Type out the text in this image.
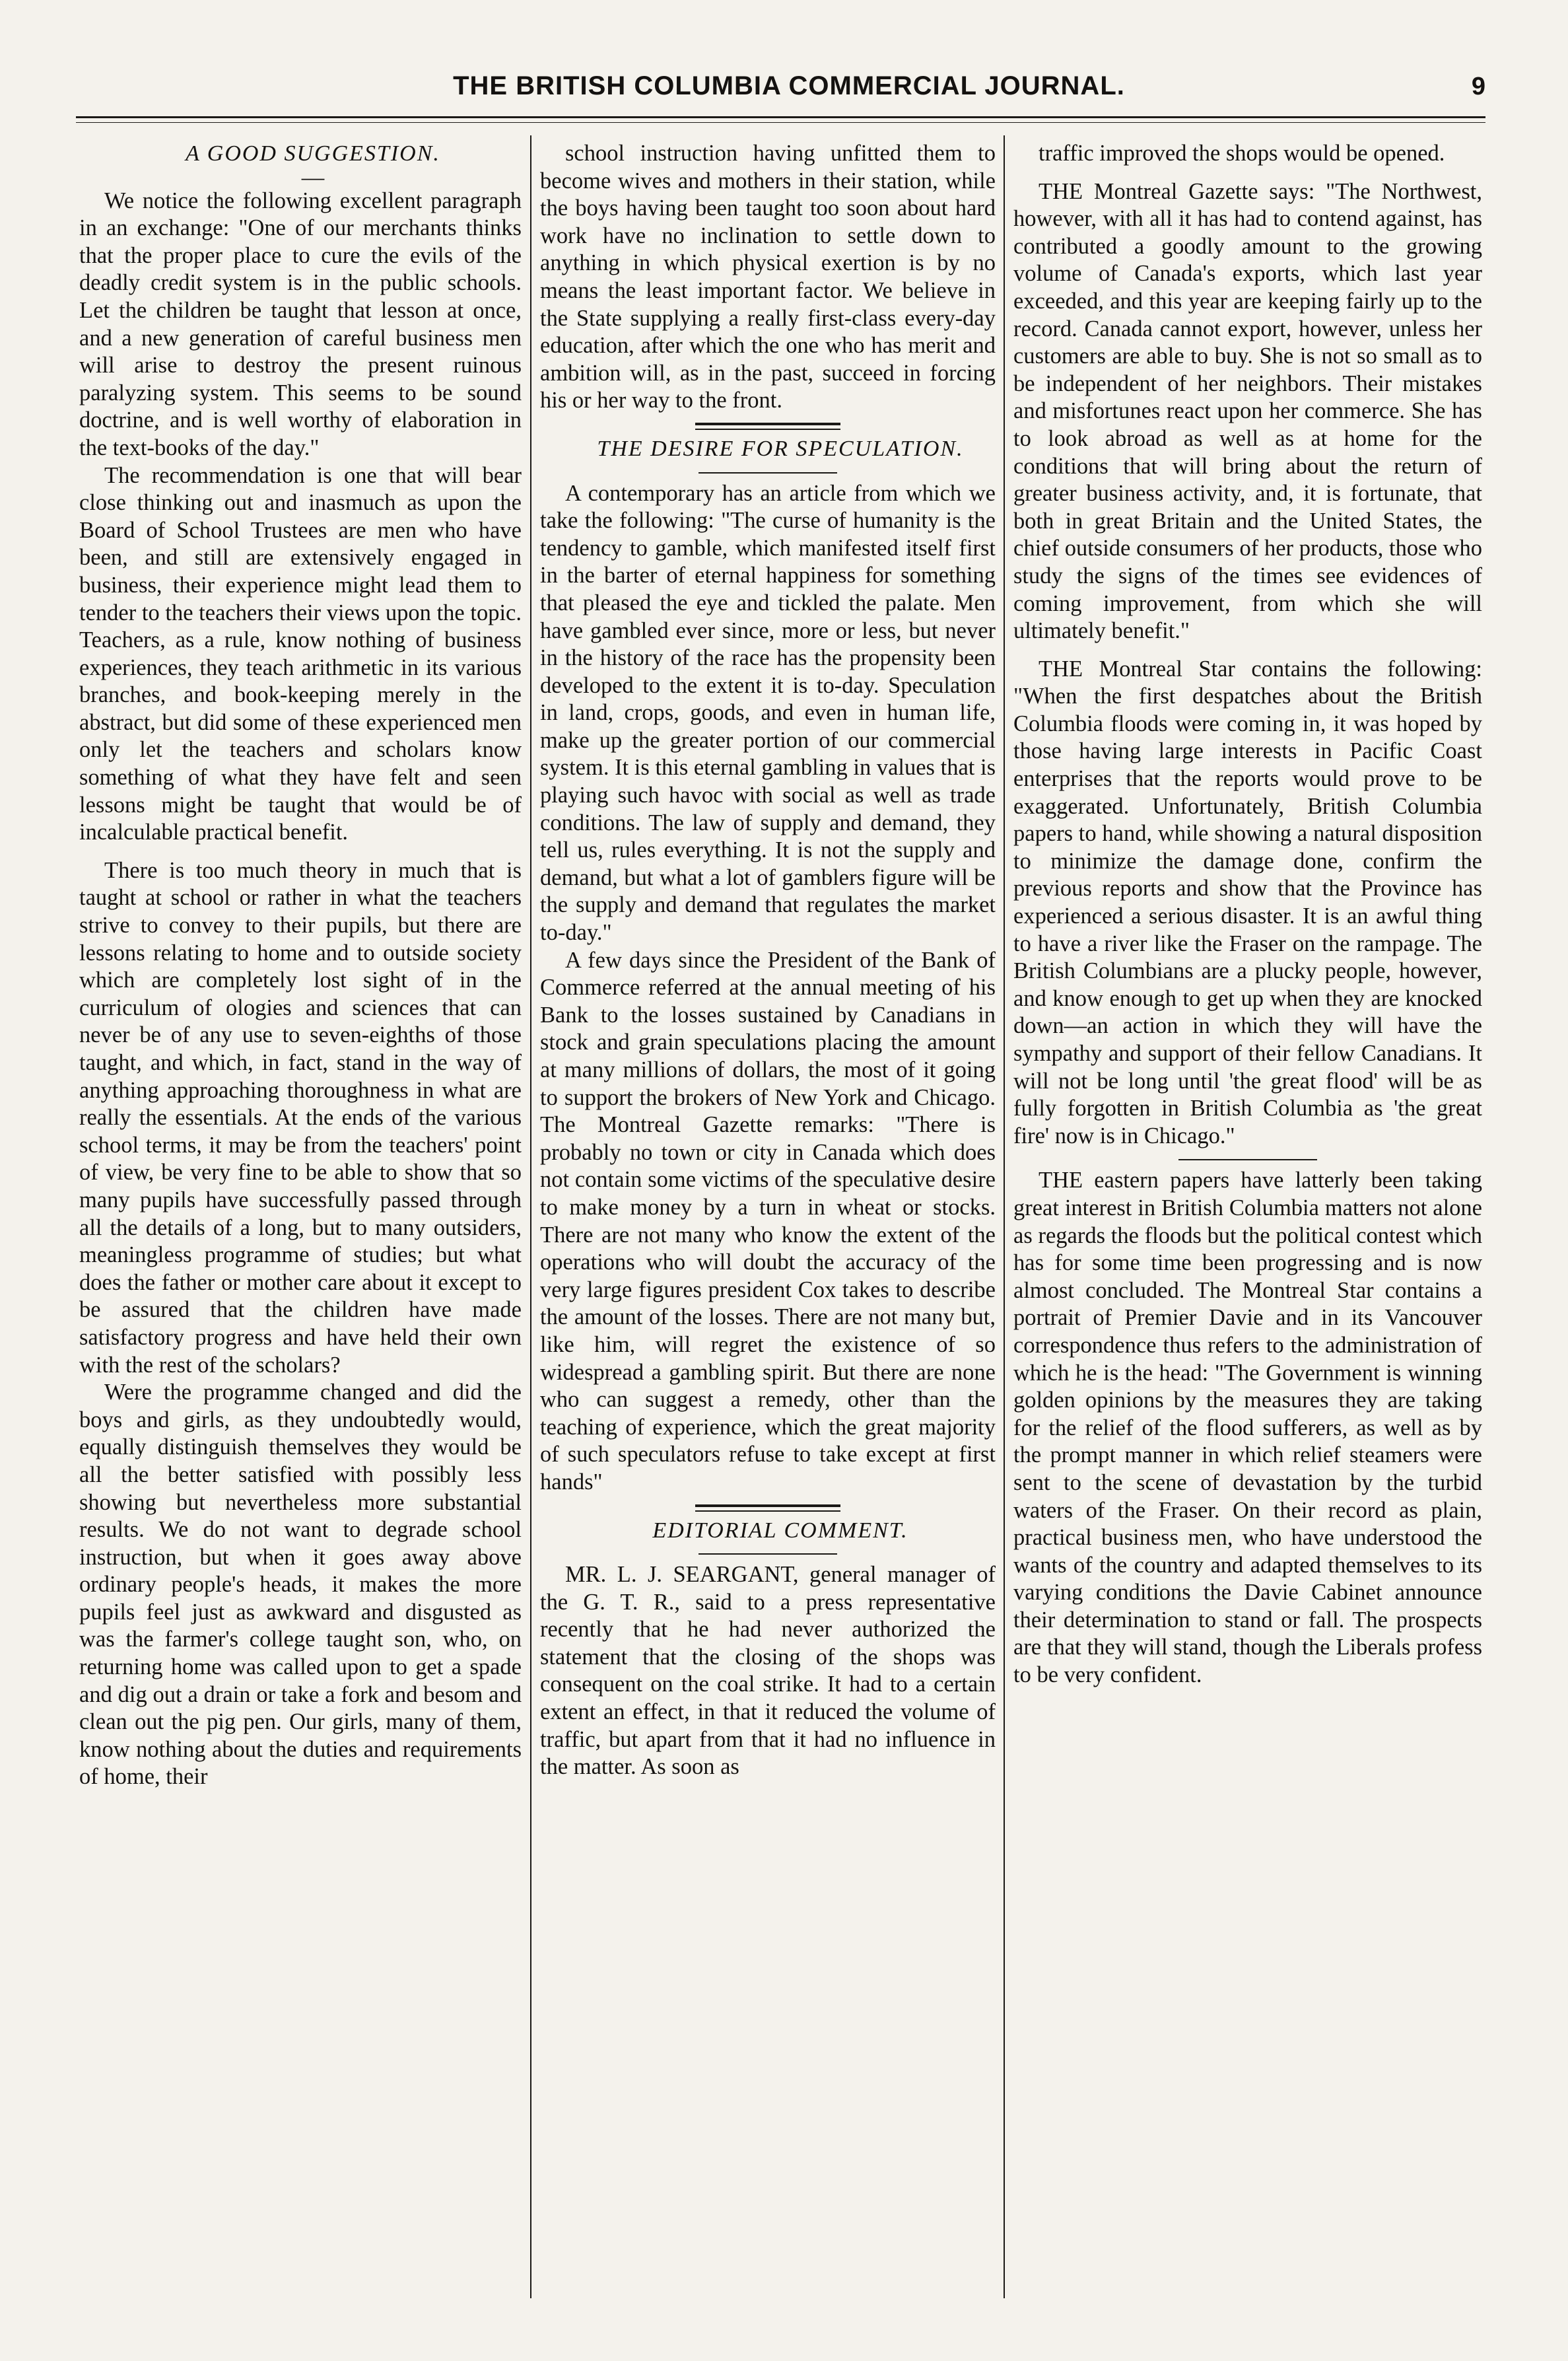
THE BRITISH COLUMBIA COMMERCIAL JOURNAL.	9

A GOOD SUGGESTION.

—

We notice the following excellent paragraph in an exchange: "One of our merchants thinks that the proper place to cure the evils of the deadly credit system is in the public schools. Let the children be taught that lesson at once, and a new generation of careful business men will arise to destroy the present ruinous paralyzing system. This seems to be sound doctrine, and is well worthy of elaboration in the text-books of the day."

The recommendation is one that will bear close thinking out and inasmuch as upon the Board of School Trustees are men who have been, and still are extensively engaged in business, their experience might lead them to tender to the teachers their views upon the topic. Teachers, as a rule, know nothing of business experiences, they teach arithmetic in its various branches, and book-keeping merely in the abstract, but did some of these experienced men only let the teachers and scholars know something of what they have felt and seen lessons might be taught that would be of incalculable practical benefit.

There is too much theory in much that is taught at school or rather in what the teachers strive to convey to their pupils, but there are lessons relating to home and to outside society which are completely lost sight of in the curriculum of ologies and sciences that can never be of any use to seven-eighths of those taught, and which, in fact, stand in the way of anything approaching thoroughness in what are really the essentials. At the ends of the various school terms, it may be from the teachers' point of view, be very fine to be able to show that so many pupils have successfully passed through all the details of a long, but to many outsiders, meaningless programme of studies; but what does the father or mother care about it except to be assured that the children have made satisfactory progress and have held their own with the rest of the scholars?

Were the programme changed and did the boys and girls, as they undoubtedly would, equally distinguish themselves they would be all the better satisfied with possibly less showing but nevertheless more substantial results. We do not want to degrade school instruction, but when it goes away above ordinary people's heads, it makes the more pupils feel just as awkward and disgusted as was the farmer's college taught son, who, on returning home was called upon to get a spade and dig out a drain or take a fork and besom and clean out the pig pen. Our girls, many of them, know nothing about the duties and requirements of home, their

school instruction having unfitted them to become wives and mothers in their station, while the boys having been taught too soon about hard work have no inclination to settle down to anything in which physical exertion is by no means the least important factor. We believe in the State supplying a really first-class every-day education, after which the one who has merit and ambition will, as in the past, succeed in forcing his or her way to the front.

THE DESIRE FOR SPECULATION.

A contemporary has an article from which we take the following: "The curse of humanity is the tendency to gamble, which manifested itself first in the barter of eternal happiness for something that pleased the eye and tickled the palate. Men have gambled ever since, more or less, but never in the history of the race has the propensity been developed to the extent it is to-day. Speculation in land, crops, goods, and even in human life, make up the greater portion of our commercial system. It is this eternal gambling in values that is playing such havoc with social as well as trade conditions. The law of supply and demand, they tell us, rules everything. It is not the supply and demand, but what a lot of gamblers figure will be the supply and demand that regulates the market to-day."

A few days since the President of the Bank of Commerce referred at the annual meeting of his Bank to the losses sustained by Canadians in stock and grain speculations placing the amount at many millions of dollars, the most of it going to support the brokers of New York and Chicago. The Montreal Gazette remarks: "There is probably no town or city in Canada which does not contain some victims of the speculative desire to make money by a turn in wheat or stocks. There are not many who know the extent of the operations who will doubt the accuracy of the very large figures president Cox takes to describe the amount of the losses. There are not many but, like him, will regret the existence of so widespread a gambling spirit. But there are none who can suggest a remedy, other than the teaching of experience, which the great majority of such speculators refuse to take except at first hands"

EDITORIAL COMMENT.

MR. L. J. SEARGANT, general manager of the G. T. R., said to a press representative recently that he had never authorized the statement that the closing of the shops was consequent on the coal strike. It had to a certain extent an effect, in that it reduced the volume of traffic, but apart from that it had no influence in the matter. As soon as

traffic improved the shops would be opened.

THE Montreal Gazette says: "The Northwest, however, with all it has had to contend against, has contributed a goodly amount to the growing volume of Canada's exports, which last year exceeded, and this year are keeping fairly up to the record. Canada cannot export, however, unless her customers are able to buy. She is not so small as to be independent of her neighbors. Their mistakes and misfortunes react upon her commerce. She has to look abroad as well as at home for the conditions that will bring about the return of greater business activity, and, it is fortunate, that both in great Britain and the United States, the chief outside consumers of her products, those who study the signs of the times see evidences of coming improvement, from which she will ultimately benefit."

THE Montreal Star contains the following: "When the first despatches about the British Columbia floods were coming in, it was hoped by those having large interests in Pacific Coast enterprises that the reports would prove to be exaggerated. Unfortunately, British Columbia papers to hand, while showing a natural disposition to minimize the damage done, confirm the previous reports and show that the Province has experienced a serious disaster. It is an awful thing to have a river like the Fraser on the rampage. The British Columbians are a plucky people, however, and know enough to get up when they are knocked down—an action in which they will have the sympathy and support of their fellow Canadians. It will not be long until 'the great flood' will be as fully forgotten in British Columbia as 'the great fire' now is in Chicago."

THE eastern papers have latterly been taking great interest in British Columbia matters not alone as regards the floods but the political contest which has for some time been progressing and is now almost concluded. The Montreal Star contains a portrait of Premier Davie and in its Vancouver correspondence thus refers to the administration of which he is the head: "The Government is winning golden opinions by the measures they are taking for the relief of the flood sufferers, as well as by the prompt manner in which relief steamers were sent to the scene of devastation by the turbid waters of the Fraser. On their record as plain, practical business men, who have understood the wants of the country and adapted themselves to its varying conditions the Davie Cabinet announce their determination to stand or fall. The prospects are that they will stand, though the Liberals profess to be very confident.
